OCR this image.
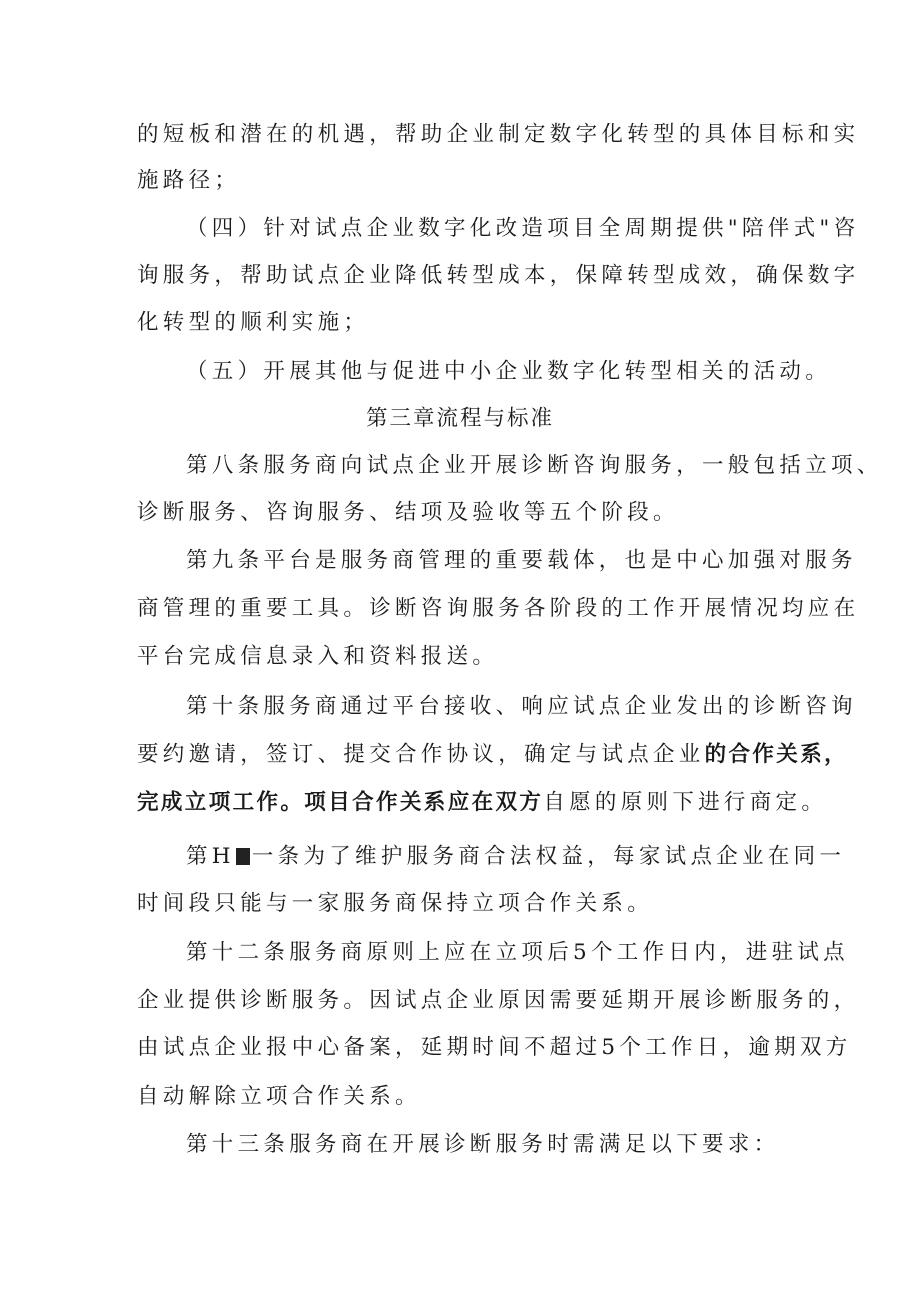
的短板和潜在的机遇，帮助企业制定数字化转型的具体目标和实
施路径；
（四）针对试点企业数字化改造项目全周期提供"陪伴式"咨
询服务，帮助试点企业降低转型成本，保障转型成效，确保数字
化转型的顺利实施；
（五）开展其他与促进中小企业数字化转型相关的活动。
第三章流程与标准
第八条服务商向试点企业开展诊断咨询服务，一般包括立项、
诊断服务、咨询服务、结项及验收等五个阶段。
第九条平台是服务商管理的重要载体，也是中心加强对服务
商管理的重要工具。诊断咨询服务各阶段的工作开展情况均应在
平台完成信息录入和资料报送。
第十条服务商通过平台接收、响应试点企业发出的诊断咨询
要约邀请，签订、提交合作协议，确定与试点企业的合作关系，
完成立项工作。项目合作关系应在双方自愿的原则下进行商定。
第H 一条为了维护服务商合法权益，每家试点企业在同一
时间段只能与一家服务商保持立项合作关系。
第十二条服务商原则上应在立项后5个工作日内，进驻试点
企业提供诊断服务。因试点企业原因需要延期开展诊断服务的，
由试点企业报中心备案，延期时间不超过5个工作日，逾期双方
自动解除立项合作关系。
第十三条服务商在开展诊断服务时需满足以下要求：
